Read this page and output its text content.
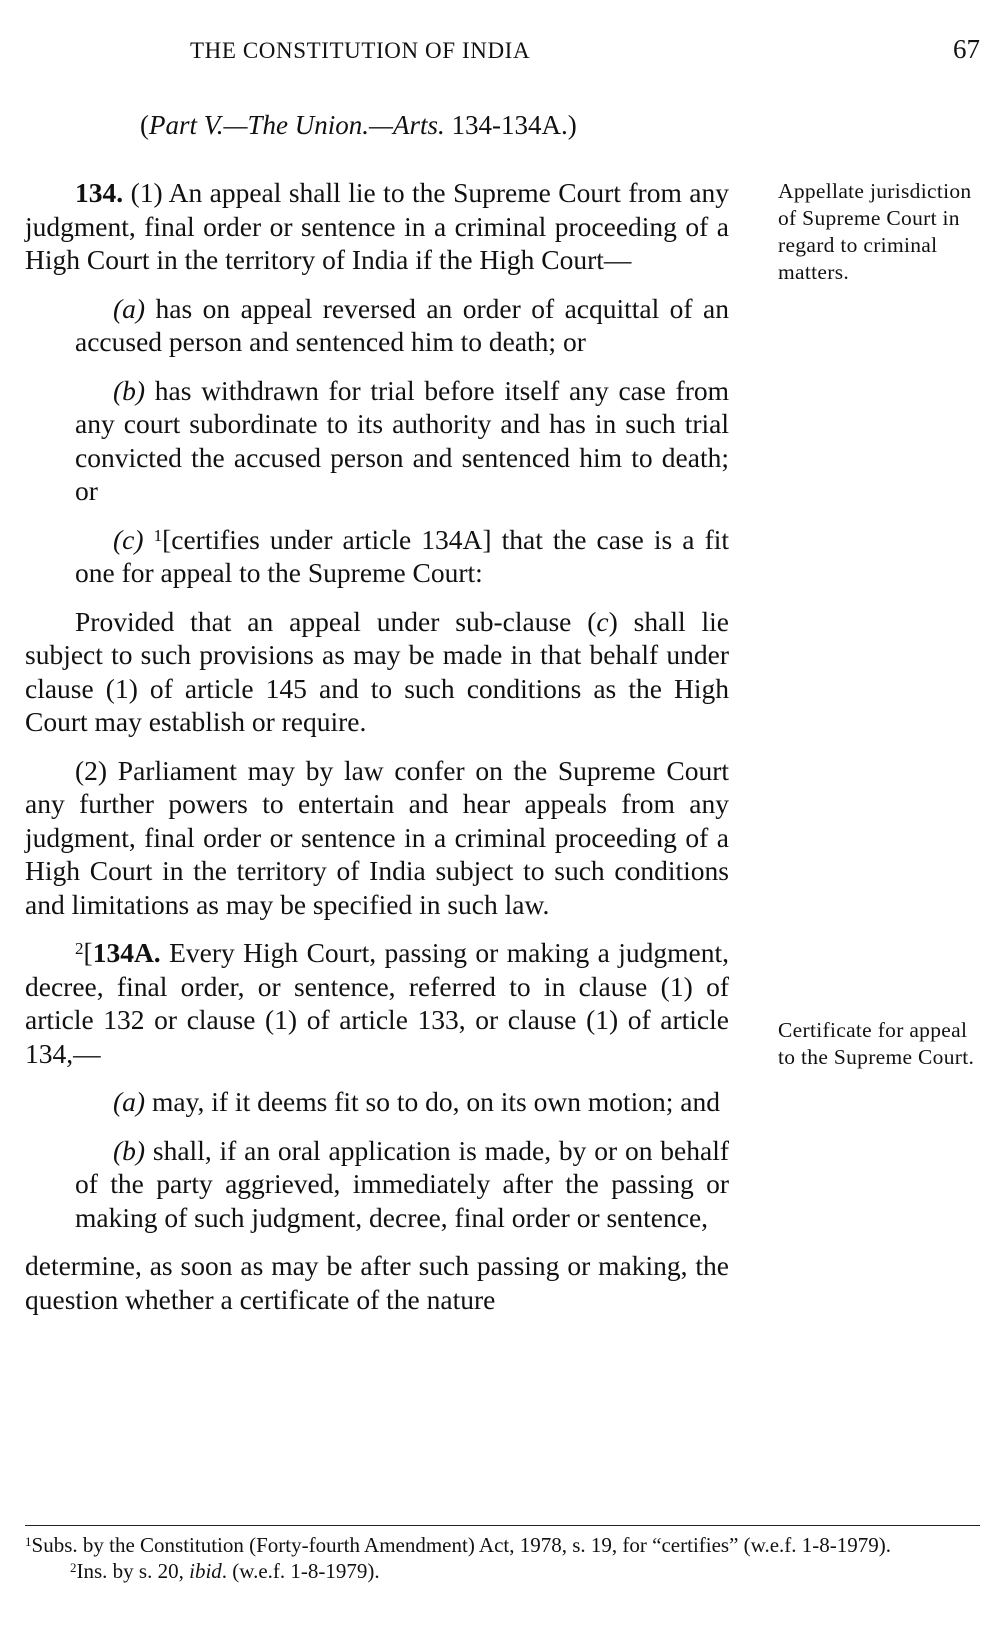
THE CONSTITUTION OF INDIA	67
(Part V.—The Union.—Arts. 134-134A.)

134. (1) An appeal shall lie to the Supreme Court from any judgment, final order or sentence in a criminal proceeding of a High Court in the territory of India if the High Court—

(a) has on appeal reversed an order of acquittal of an accused person and sentenced him to death; or

(b) has withdrawn for trial before itself any case from any court subordinate to its authority and has in such trial convicted the accused person and sentenced him to death; or

(c) $^1$[certifies under article 134A] that the case is a fit one for appeal to the Supreme Court:

Provided that an appeal under sub-clause (c) shall lie subject to such provisions as may be made in that behalf under clause (1) of article 145 and to such conditions as the High Court may establish or require.

(2) Parliament may by law confer on the Supreme Court any further powers to entertain and hear appeals from any judgment, final order or sentence in a criminal proceeding of a High Court in the territory of India subject to such conditions and limitations as may be specified in such law.

$^2$[134A. Every High Court, passing or making a judgment, decree, final order, or sentence, referred to in clause (1) of article 132 or clause (1) of article 133, or clause (1) of article 134,—

(a) may, if it deems fit so to do, on its own motion; and

(b) shall, if an oral application is made, by or on behalf of the party aggrieved, immediately after the passing or making of such judgment, decree, final order or sentence,

determine, as soon as may be after such passing or making, the question whether a certificate of the nature

Appellate jurisdiction of Supreme Court in regard to criminal matters.
Certificate for appeal to the Supreme Court.

$^1$Subs. by the Constitution (Forty-fourth Amendment) Act, 1978, s. 19, for “certifies” (w.e.f. 1-8-1979).

$^2$Ins. by s. 20, ibid. (w.e.f. 1-8-1979).
